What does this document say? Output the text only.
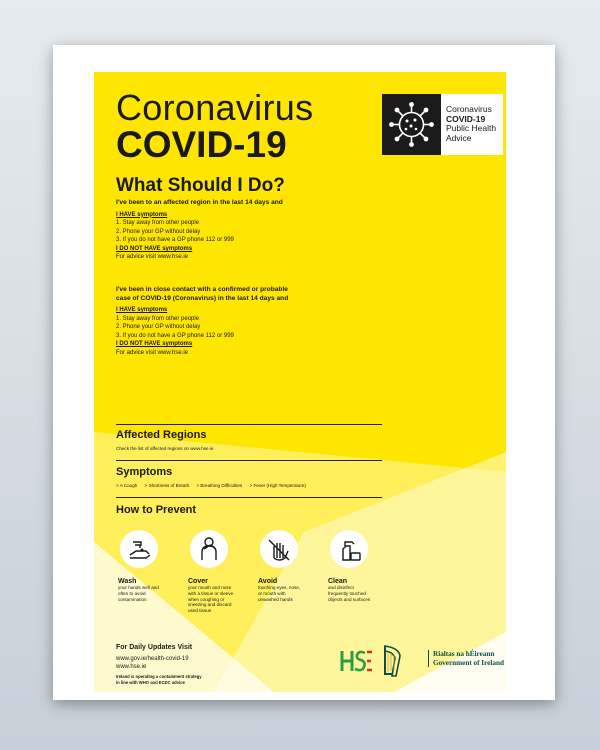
Coronavirus
COVID-19
Coronavirus
COVID-19
Public Health
Advice
What Should I Do?
I've been to an affected region in the last 14 days and
I HAVE symptoms
1. Stay away from other people
2. Phone your GP without delay
3. If you do not have a GP phone 112 or 999
I DO NOT HAVE symptoms
For advice visit www.hse.ie
I've been in close contact with a confirmed or probable
case of COVID-19 (Coronavirus) in the last 14 days and
I HAVE symptoms
1. Stay away from other people
2. Phone your GP without delay
3. If you do not have a GP phone 112 or 999
I DO NOT HAVE symptoms
For advice visit www.hse.ie
Affected Regions
Check the list of affected regions on www.hse.ie
Symptoms
> A Cough > Shortness of Breath > Breathing Difficulties > Fever (High Temperature)
How to Prevent
Wash
your hands well and
often to avoid
contamination
Cover
your mouth and nose
with a tissue or sleeve
when coughing or
sneezing and discard
used tissue
Avoid
touching eyes, nose,
or mouth with
unwashed hands
Clean
and disinfect
frequently touched
objects and surfaces
For Daily Updates Visit
www.gov.ie/health-covid-19
www.hse.ie
Ireland is operating a containment strategy
in line with WHO and ECDC advice
HSE
Rialtas na hÉireann
Government of Ireland
